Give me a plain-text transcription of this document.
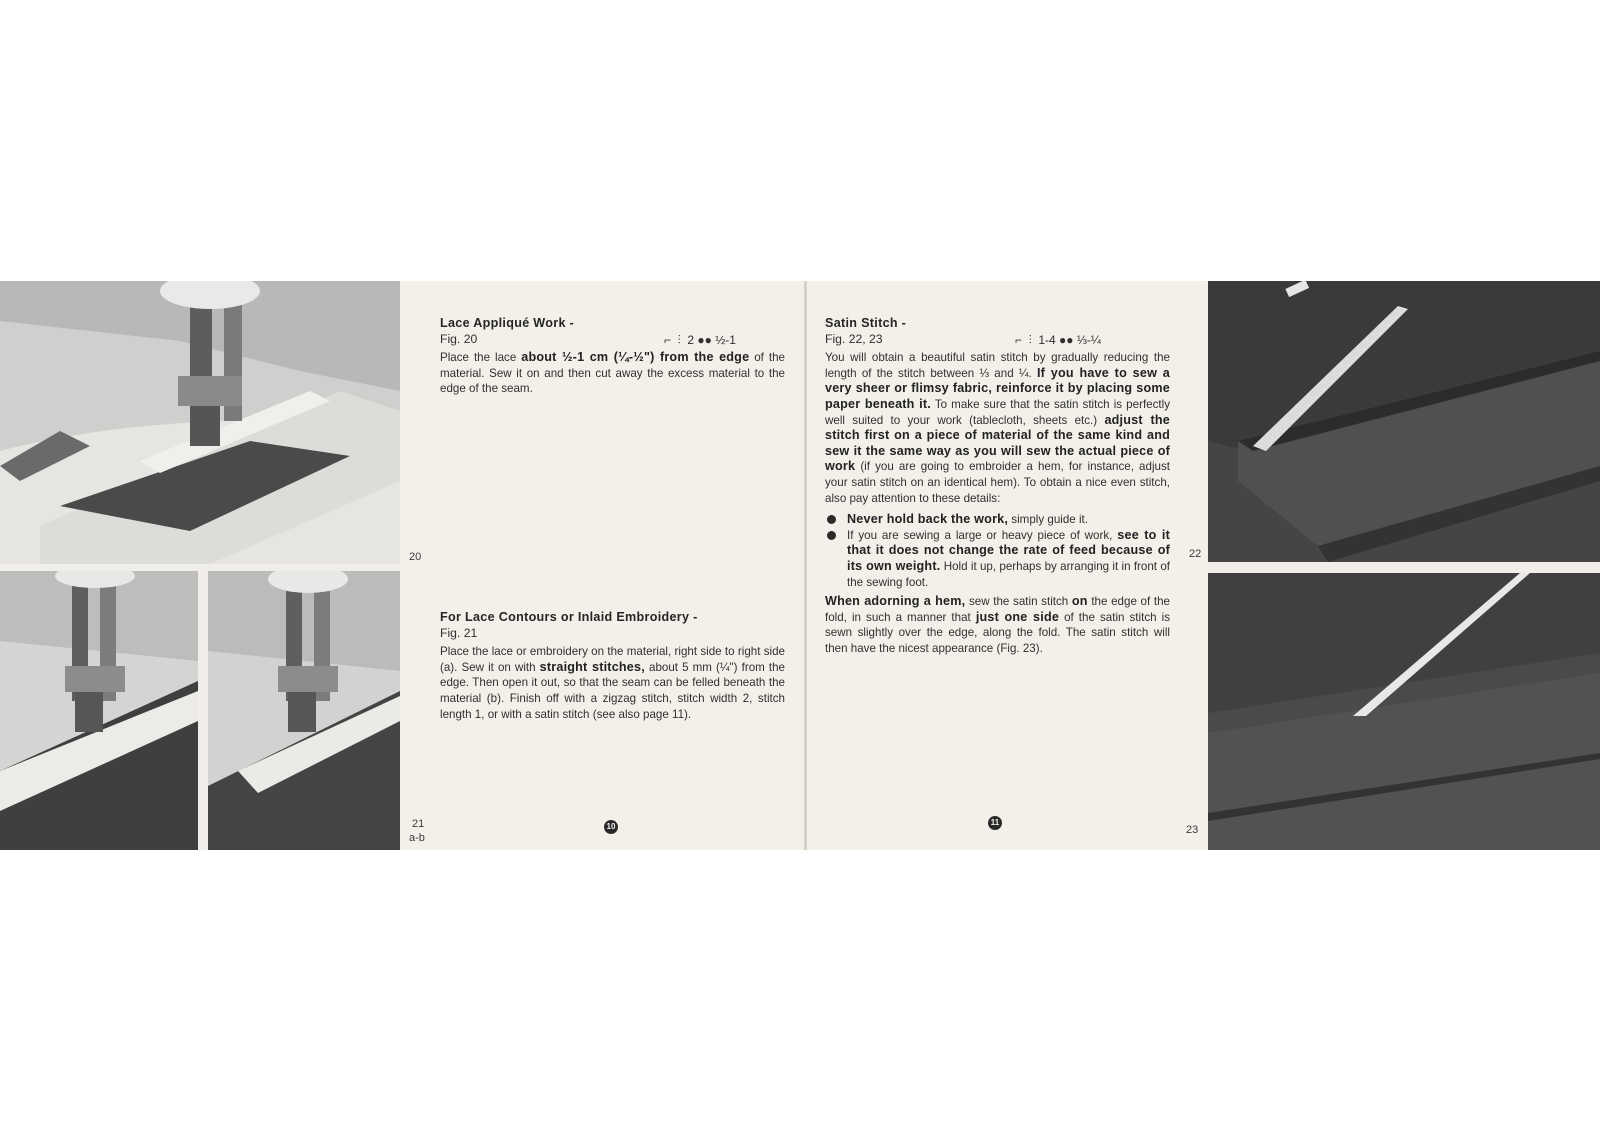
20
21
a-b
Lace Appliqué Work -
Fig. 20
Place the lace about ½-1 cm (¼-½") from the edge of the material. Sew it on and then cut away the excess material to the edge of the seam.
⌐ ⫶ 2 ●● ½-1
For Lace Contours or Inlaid Embroidery -
Fig. 21
Place the lace or embroidery on the material, right side to right side (a). Sew it on with straight stitches, about 5 mm (¼") from the edge. Then open it out, so that the seam can be felled beneath the material (b). Finish off with a zigzag stitch, stitch width 2, stitch length 1, or with a satin stitch (see also page 11).
10
Satin Stitch -
Fig. 22, 23
You will obtain a beautiful satin stitch by gradually reducing the length of the stitch between ⅓ and ¼. If you have to sew a very sheer or flimsy fabric, reinforce it by placing some paper beneath it. To make sure that the satin stitch is perfectly well suited to your work (tablecloth, sheets etc.) adjust the stitch first on a piece of material of the same kind and sew it the same way as you will sew the actual piece of work (if you are going to embroider a hem, for instance, adjust your satin stitch on an identical hem). To obtain a nice even stitch, also pay attention to these details:
Never hold back the work, simply guide it.
If you are sewing a large or heavy piece of work, see to it that it does not change the rate of feed because of its own weight. Hold it up, perhaps by arranging it in front of the sewing foot.
When adorning a hem, sew the satin stitch on the edge of the fold, in such a manner that just one side of the satin stitch is sewn slightly over the edge, along the fold. The satin stitch will then have the nicest appearance (Fig. 23).
⌐ ⫶ 1-4 ●● ⅓-¼
11
22
23
